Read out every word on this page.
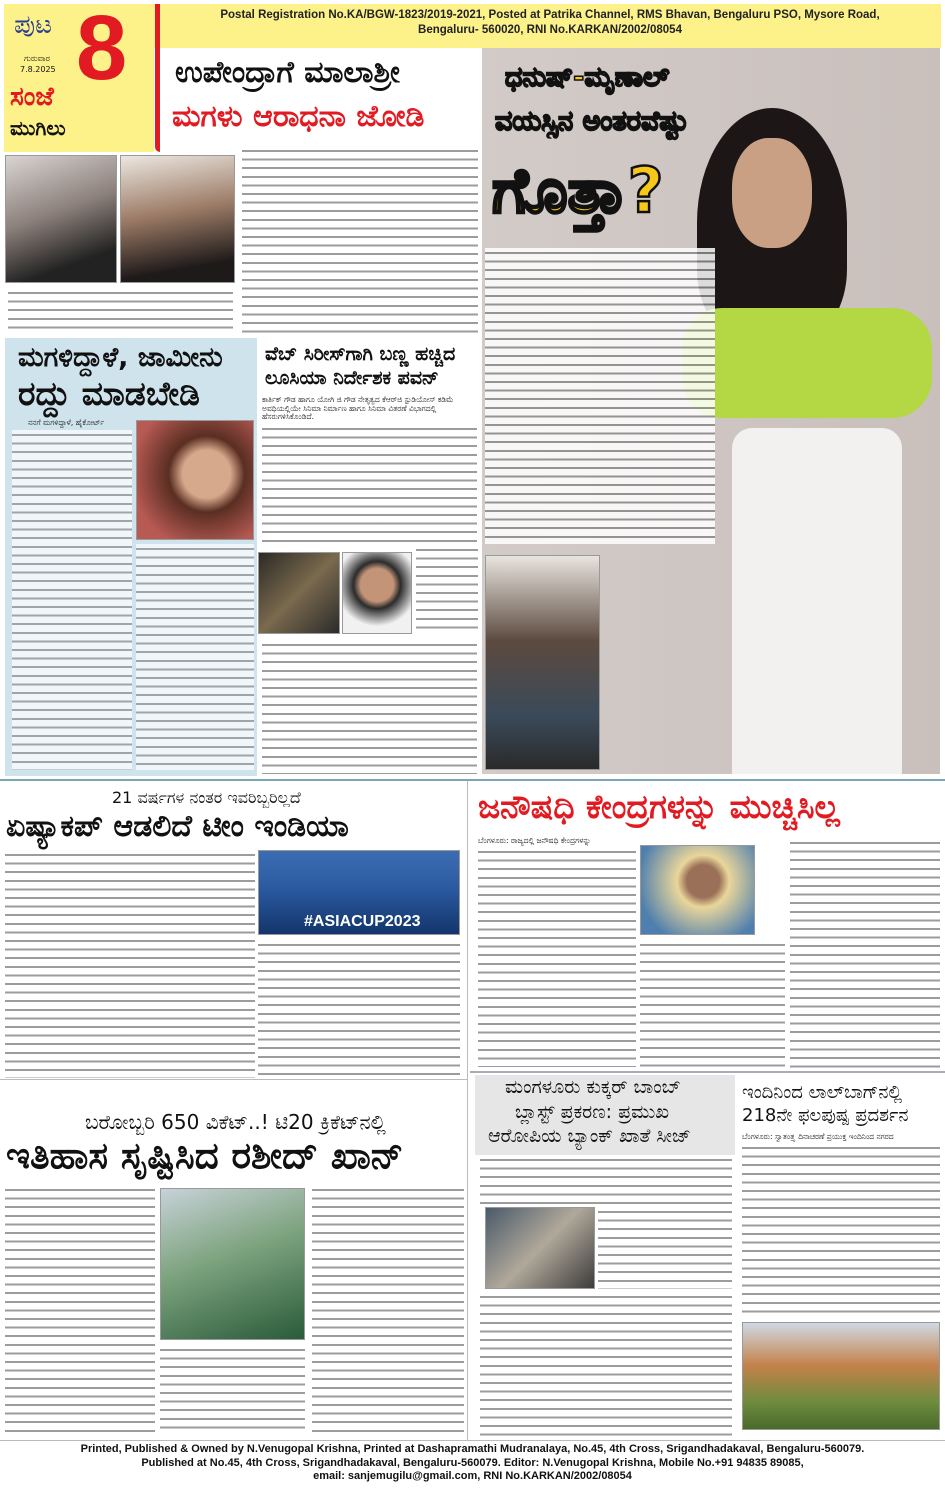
Postal Registration No.KA/BGW-1823/2019-2021, Posted at Patrika Channel, RMS Bhavan, Bengaluru PSO, Mysore Road,
Bengaluru- 560020, RNI No.KARKAN/2002/08054
ಪುಟ
ಗುರುವಾರ
7.8.2025 8
ಸಂಜೆ
ಮುಗಿಲು
ಉಪೇಂದ್ರಾಗೆ ಮಾಲಾಶ್ರೀ
ಮಗಳು ಆರಾಧನಾ ಜೋಡಿ
ಧನುಷ್-ಮೃಣಾಲ್
ವಯಸ್ಸಿನ ಅಂತರವೆಷ್ಟು
ಗೊತ್ತಾ?
ಮಗಳಿದ್ದಾಳೆ, ಜಾಮೀನು
ರದ್ದು ಮಾಡಬೇಡಿ
ನನಗೆ ಮಗಳಿದ್ದಾಳೆ, ಹೈಕೋರ್ಟ್
ವೆಬ್ ಸಿರೀಸ್‌ಗಾಗಿ ಬಣ್ಣ ಹಚ್ಚಿದ
ಲೂಸಿಯಾ ನಿರ್ದೇಶಕ ಪವನ್
ಕಾರ್ತಿಕ್ ಗೌಡ ಹಾಗೂ ಯೋಗಿ ಜಿ ಗೌಡ ನೇತೃತ್ವದ ಕೆಆರ್‌ಜಿ ಸ್ಟುಡಿಯೋಸ್ ಕಡಿಮೆ ಅವಧಿಯಲ್ಲಿಯೇ ಸಿನಿಮಾ ನಿರ್ಮಾಣ ಹಾಗೂ ಸಿನಿಮಾ ವಿತರಣೆ ವಿಭಾಗದಲ್ಲಿ ಹೆಸರುಗಳಿಸಿಕೊಂಡಿದೆ.
21 ವರ್ಷಗಳ ನಂತರ ಇವರಿಬ್ಬರಿಲ್ಲದೆ
ಏಷ್ಯಾಕಪ್ ಆಡಲಿದೆ ಟೀಂ ಇಂಡಿಯಾ
#ASIACUP2023
ಜನೌಷಧಿ ಕೇಂದ್ರಗಳನ್ನು ಮುಚ್ಚಿಸಿಲ್ಲ
ಬೆಂಗಳೂರು: ರಾಜ್ಯದಲ್ಲಿ ಜನೌಷಧಿ ಕೇಂದ್ರಗಳನ್ನು
ಬರೋಬ್ಬರಿ 650 ವಿಕೆಟ್..! ಟಿ20 ಕ್ರಿಕೆಟ್‌ನಲ್ಲಿ
ಇತಿಹಾಸ ಸೃಷ್ಟಿಸಿದ ರಶೀದ್ ಖಾನ್
ಮಂಗಳೂರು ಕುಕ್ಕರ್ ಬಾಂಬ್
ಬ್ಲಾಸ್ಟ್ ಪ್ರಕರಣ: ಪ್ರಮುಖ
ಆರೋಪಿಯ ಬ್ಯಾಂಕ್ ಖಾತೆ ಸೀಜ್
ಇಂದಿನಿಂದ ಲಾಲ್‌ಬಾಗ್‌ನಲ್ಲಿ
218ನೇ ಫಲಪುಷ್ಪ ಪ್ರದರ್ಶನ
ಬೆಂಗಳೂರು: ಸ್ವಾತಂತ್ರ್ಯ ದಿನಾಚರಣೆ ಪ್ರಯುಕ್ತ ಇಂದಿನಿಂದ ನಗರದ
Printed, Published & Owned by N.Venugopal Krishna, Printed at Dashapramathi Mudranalaya, No.45, 4th Cross, Srigandhadakaval, Bengaluru-560079.
Published at No.45, 4th Cross, Srigandhadakaval, Bengaluru-560079. Editor: N.Venugopal Krishna, Mobile No.+91 94835 89085,
email: sanjemugilu@gmail.com, RNI No.KARKAN/2002/08054
